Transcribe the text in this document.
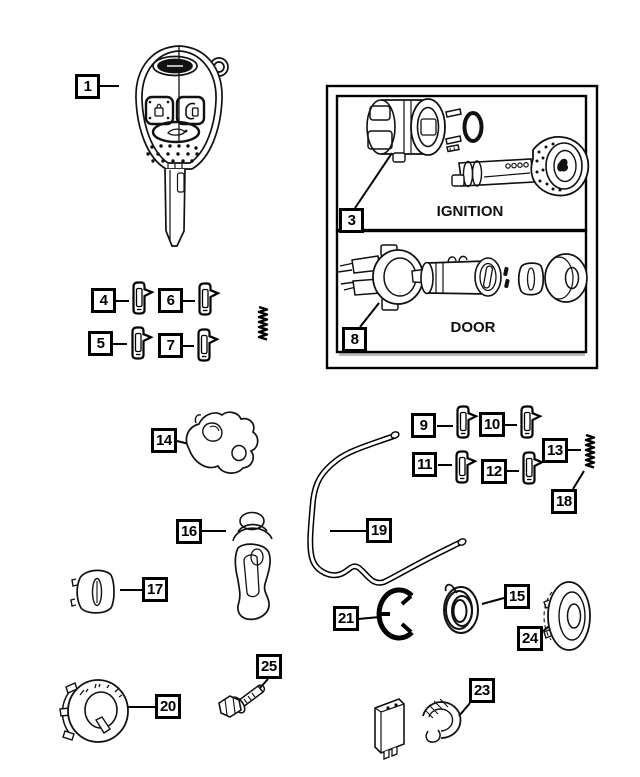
IGNITION
DOOR
1
3
4
5
6
7	8
9	10
11	12
13
14
15
16
17
18
19
20
21
23
24
25
